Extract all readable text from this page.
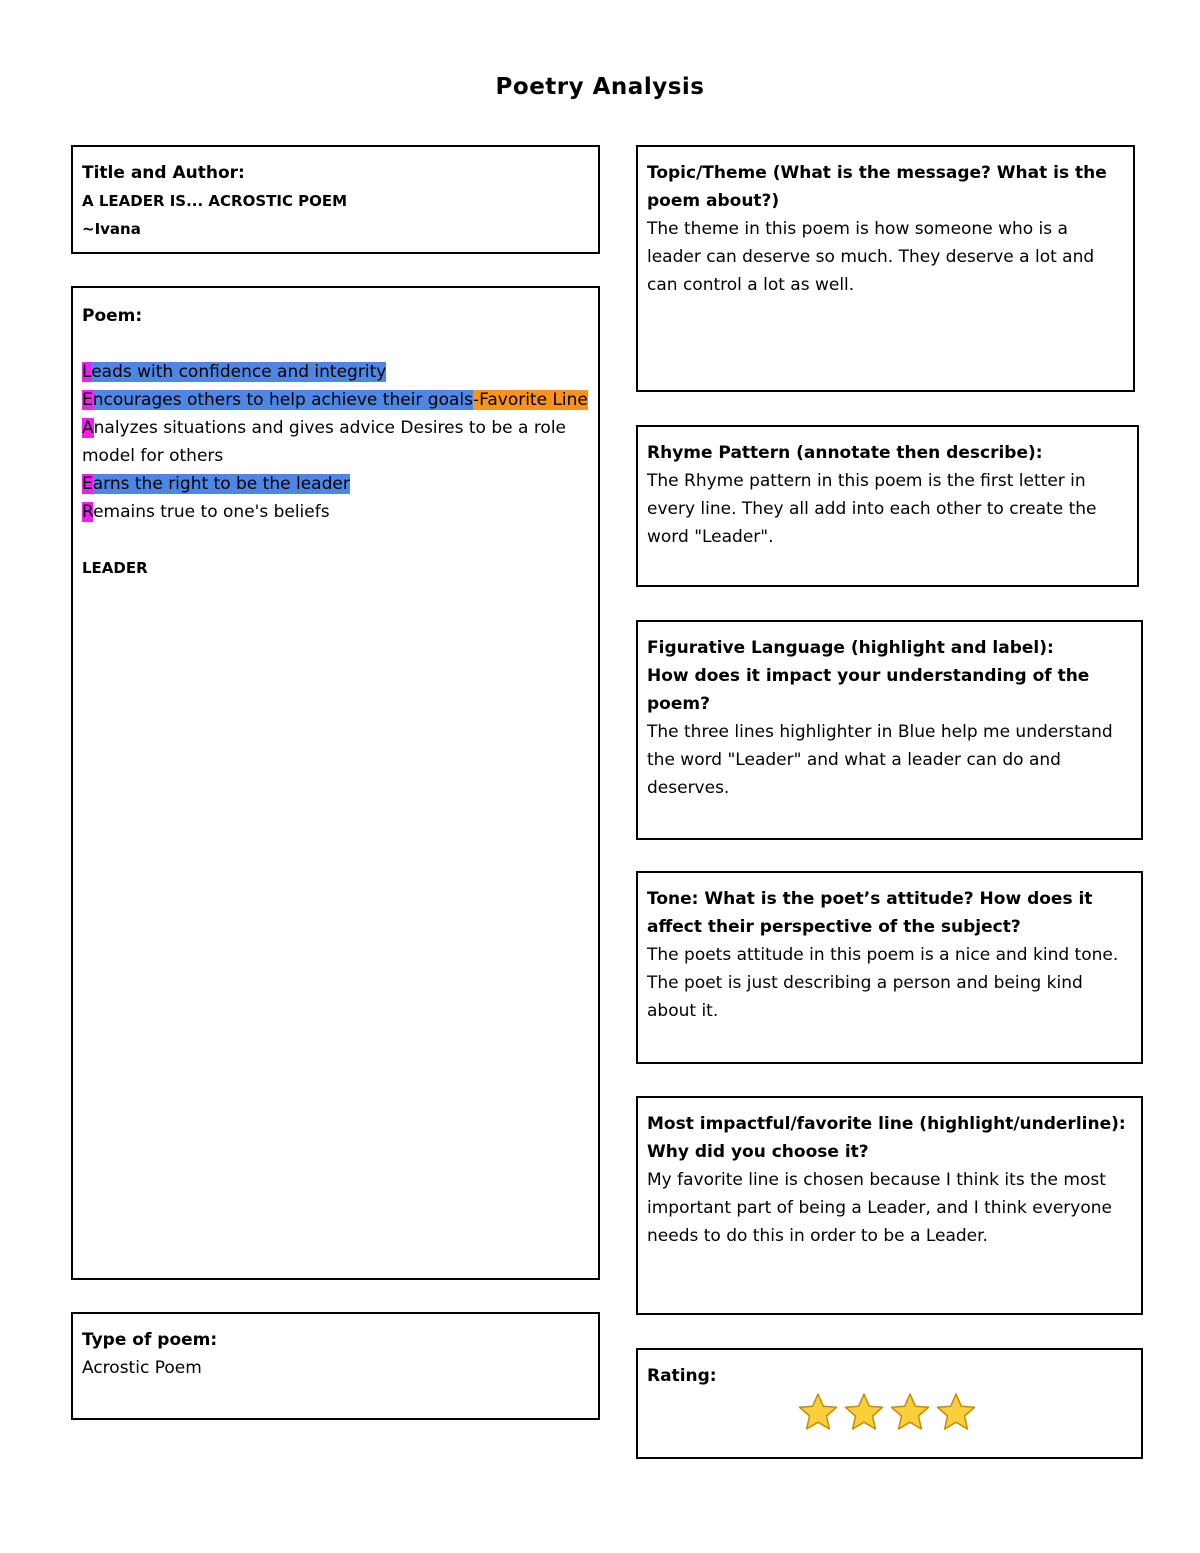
Poetry Analysis
Title and Author:
A LEADER IS... ACROSTIC POEM
~Ivana
Poem:
Leads with confidence and integrity
Encourages others to help achieve their goals-Favorite Line
Analyzes situations and gives advice Desires to be a role
model for others
Earns the right to be the leader
Remains true to one's beliefs
LEADER
Type of poem:
Acrostic Poem
Topic/Theme (What is the message? What is the poem about?)
The theme in this poem is how someone who is a leader can deserve so much. They deserve a lot and can control a lot as well.
Rhyme Pattern (annotate then describe):
The Rhyme pattern in this poem is the first letter in every line. They all add into each other to create the word "Leader".
Figurative Language (highlight and label):
How does it impact your understanding of the poem?
The three lines highlighter in Blue help me understand the word "Leader" and what a leader can do and deserves.
Tone: What is the poet’s attitude? How does it affect their perspective of the subject?
The poets attitude in this poem is a nice and kind tone. The poet is just describing a person and being kind about it.
Most impactful/favorite line (highlight/underline):
Why did you choose it?
My favorite line is chosen because I think its the most important part of being a Leader, and I think everyone needs to do this in order to be a Leader.
Rating:
